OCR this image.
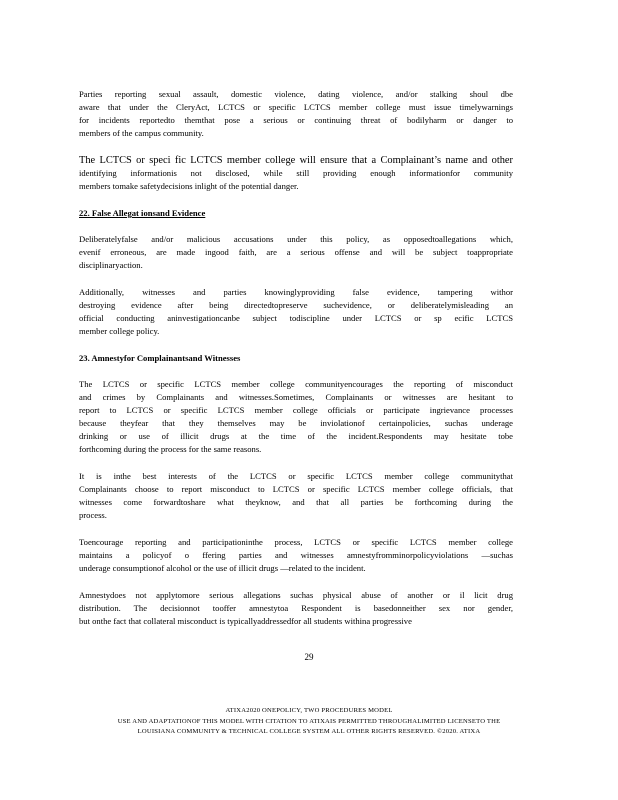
Parties reporting sexual assault, domestic violence, dating violence, and/or stalking shoul dbe
aware that under the CleryAct, LCTCS or specific LCTCS member college must issue timelywarnings
for incidents reportedto themthat pose a serious or continuing threat of bodilyharm or danger to
members of the campus community.
The LCTCS or speci fic LCTCS member college will ensure that a Complainant’s name and other
identifying informationis not disclosed, while still providing enough informationfor community
members tomake safetydecisions inlight of the potential danger.
22. False Allegat ionsand Evidence
Deliberatelyfalse and/or malicious accusations under this policy, as opposedtoallegations which,
evenif erroneous, are made ingood faith, are a serious offense and will be subject toappropriate
disciplinaryaction.
Additionally, witnesses and parties knowinglyproviding false evidence, tampering withor
destroying evidence after being directedtopreserve suchevidence, or deliberatelymisleading an
official conducting aninvestigationcanbe subject todiscipline under LCTCS or sp ecific LCTCS
member college policy.
23. Amnestyfor Complainantsand Witnesses
The LCTCS or specific LCTCS member college communityencourages the reporting of misconduct
and crimes by Complainants and witnesses.Sometimes, Complainants or witnesses are hesitant to
report to LCTCS or specific LCTCS member college officials or participate ingrievance processes
because theyfear that they themselves may be inviolationof certainpolicies, suchas underage
drinking or use of illicit drugs at the time of the incident.Respondents may hesitate tobe
forthcoming during the process for the same reasons.
It is inthe best interests of the LCTCS or specific LCTCS member college communitythat
Complainants choose to report misconduct to LCTCS or specific LCTCS member college officials, that
witnesses come forwardtoshare what theyknow, and that all parties be forthcoming during the
process.
Toencourage reporting and participationinthe process, LCTCS or specific LCTCS member college
maintains a policyof o ffering parties and witnesses amnestyfromminorpolicyviolations —suchas
underage consumptionof alcohol or the use of illicit drugs —related to the incident.
Amnestydoes not applytomore serious allegations suchas physical abuse of another or il licit drug
distribution. The decisionnot tooffer amnestytoa Respondent is basedonneither sex nor gender,
but onthe fact that collateral misconduct is typicallyaddressedfor all students withina progressive
29
ATIXA2020 ONEPOLICY, TWO PROCEDURES MODEL
USE AND ADAPTATIONOF THIS MODEL WITH CITATION TO ATIXAIS PERMITTED THROUGHALIMITED LICENSETO THE
LOUISIANA COMMUNITY & TECHNICAL COLLEGE SYSTEM ALL OTHER RIGHTS RESERVED. ©2020. ATIXA
